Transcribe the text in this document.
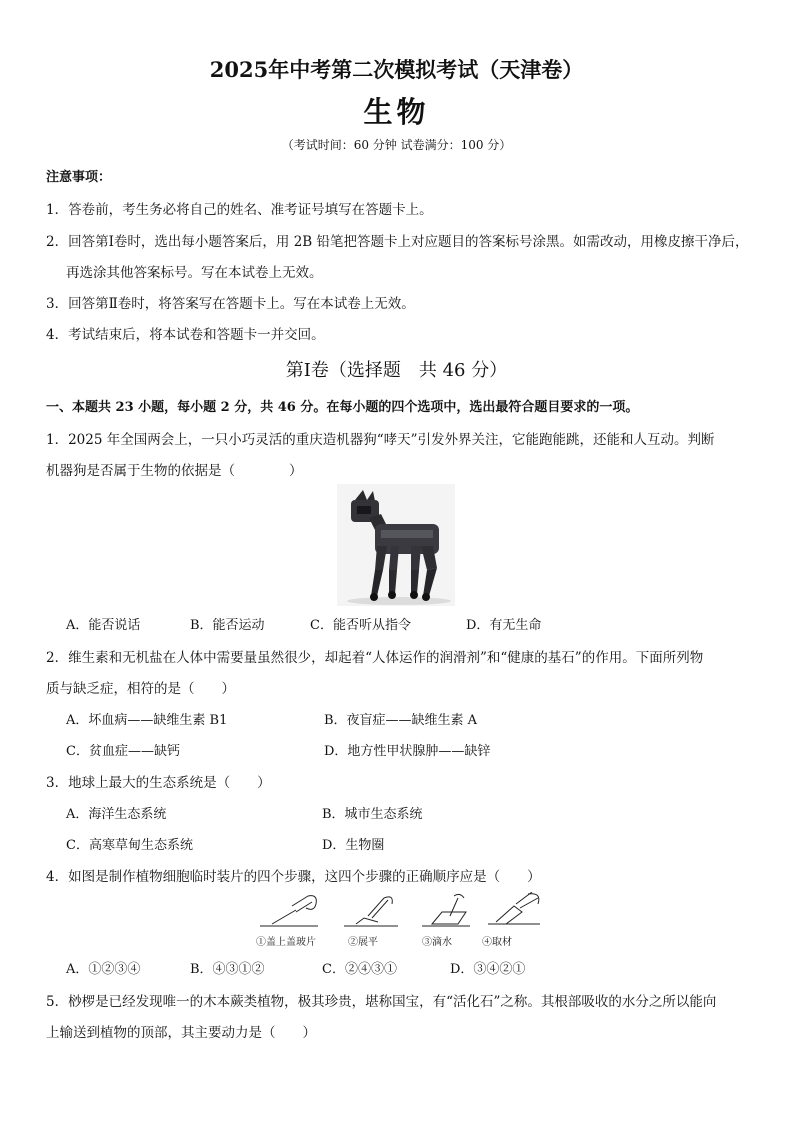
2025年中考第二次模拟考试（天津卷）
生物
（考试时间：60 分钟 试卷满分：100 分）
注意事项：
1．答卷前，考生务必将自己的姓名、准考证号填写在答题卡上。
2．回答第Ⅰ卷时，选出每小题答案后，用 2B 铅笔把答题卡上对应题目的答案标号涂黑。如需改动，用橡皮擦干净后，
再选涂其他答案标号。写在本试卷上无效。
3．回答第Ⅱ卷时，将答案写在答题卡上。写在本试卷上无效。
4．考试结束后，将本试卷和答题卡一并交回。
第Ⅰ卷（选择题　共 46 分）
一、本题共 23 小题，每小题 2 分，共 46 分。在每小题的四个选项中，选出最符合题目要求的一项。
1．2025 年全国两会上，一只小巧灵活的重庆造机器狗“哮天”引发外界关注，它能跑能跳，还能和人互动。判断
机器狗是否属于生物的依据是（　　　　）
A．能否说话	B．能否运动	C．能否听从指令	D．有无生命
2．维生素和无机盐在人体中需要量虽然很少，却起着“人体运作的润滑剂”和“健康的基石”的作用。下面所列物
质与缺乏症，相符的是（　　）
A．坏血病——缺维生素 B1	B．夜盲症——缺维生素 A
C．贫血症——缺钙	D．地方性甲状腺肿——缺锌
3．地球上最大的生态系统是（　　）
A．海洋生态系统	B．城市生态系统
C．高寒草甸生态系统	D．生物圈
4．如图是制作植物细胞临时装片的四个步骤，这四个步骤的正确顺序应是（　　）
①盖上盖玻片	②展平	③滴水	④取材
A．①②③④	B．④③①②	C．②④③①	D．③④②①
5．桫椤是已经发现唯一的木本蕨类植物，极其珍贵，堪称国宝，有“活化石”之称。其根部吸收的水分之所以能向
上输送到植物的顶部，其主要动力是（　　）
